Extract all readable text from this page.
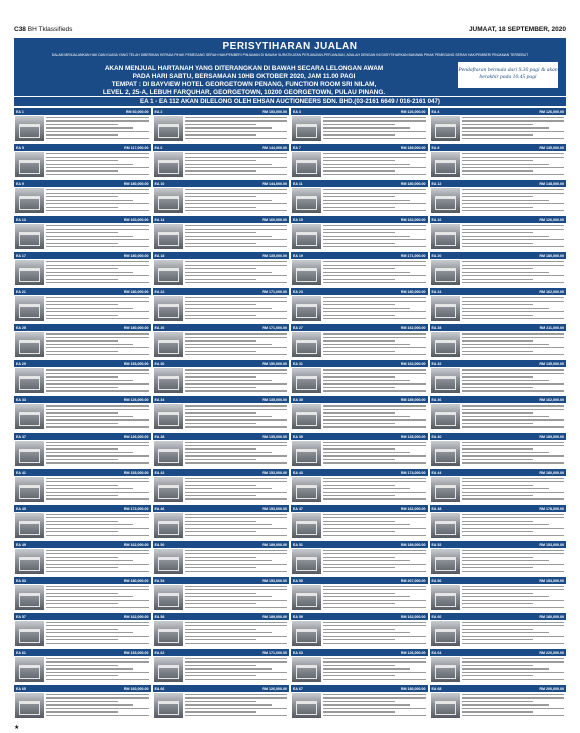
C38 BH Tklassifieds	JUMAAT, 18 SEPTEMBER, 2020
PERISYTIHARAN JUALAN
DALAM MENJALANKAN HAK DAN KUASA YANG TELAH DIBERIKAN KEPADA PIHAK PEMEGANG SERAH HAK/PEMBERI PINJAMAN DI BAWAH SURATIKATAN PERJANJIAN-PERJANJIAN, ADALAH DENGAN INI DIISYTIHARKAN BAHAWA PIHAK PEMEGANG SERAH HAK/PEMBERI PINJAMAN TERSEBUT
AKAN MENJUAL HARTANAH YANG DITERANGKAN DI BAWAH SECARA LELONGAN AWAM
PADA HARI SABTU, BERSAMAAN 10HB OKTOBER 2020, JAM 11.00 PAGI
TEMPAT : DI BAYVIEW HOTEL GEORGETOWN PENANG, FUNCTION ROOM SRI NILAM,
LEVEL 2, 25-A, LEBUH FARQUHAR, GEORGETOWN, 10200 GEORGETOWN, PULAU PINANG.
Pendaftaran bermula dari 9.30 pagi & akan berakhir pada 10.45 pagi
EA 1 - EA 112 AKAN DILELONG OLEH EHSAN AUCTIONEERS SDN. BHD.(03-2161 6649 / 016-2161 047)
EA 1	RM 60,000.00 EA 2	RM 153,000.00 EA 3	RM 126,000.00 EA 4	RM 126,000.00
EA 5	RM 117,000.00 EA 6	RM 144,000.00 EA 7	RM 189,000.00 EA 8	RM 135,000.00
EA 9	RM 180,000.00 EA 10	RM 144,000.00 EA 11	RM 180,000.00 EA 12	RM 148,000.00
EA 13	RM 160,000.00 EA 14	RM 160,000.00 EA 15	RM 162,000.00 EA 16	RM 126,000.00
EA 17	RM 180,000.00 EA 18	RM 135,000.00 EA 19	RM 171,000.00 EA 20	RM 180,000.00
EA 21	RM 180,000.00 EA 22	RM 171,000.00 EA 23	RM 180,000.00 EA 24	RM 162,000.00
EA 25	RM 180,000.00 EA 26	RM 171,000.00 EA 27	RM 162,000.00 EA 28	RM 211,000.00
EA 29	RM 153,000.00 EA 30	RM 150,000.00 EA 31	RM 162,000.00 EA 32	RM 135,000.00
EA 33	RM 126,000.00 EA 34	RM 135,000.00 EA 35	RM 189,000.00 EA 36	RM 162,000.00
EA 37	RM 126,000.00 EA 38	RM 135,000.00 EA 39	RM 135,000.00 EA 40	RM 189,000.00
EA 41	RM 153,000.00 EA 42	RM 153,000.00 EA 43	RM 174,000.00 EA 44	RM 180,000.00
EA 45	RM 172,000.00 EA 46	RM 153,000.00 EA 47	RM 162,000.00 EA 48	RM 178,000.00
EA 49	RM 162,000.00 EA 50	RM 189,000.00 EA 51	RM 189,000.00 EA 52	RM 153,000.00
EA 53	RM 180,000.00 EA 54	RM 153,000.00 EA 55	RM 207,000.00 EA 56	RM 153,000.00
EA 57	RM 162,000.00 EA 58	RM 189,000.00 EA 59	RM 162,000.00 EA 60	RM 180,000.00
EA 61	RM 153,000.00 EA 62	RM 171,000.00 EA 63	RM 126,000.00 EA 64	RM 220,000.00
EA 65	RM 160,000.00 EA 66	RM 126,000.00 EA 67	RM 180,000.00 EA 68	RM 200,000.00
★
